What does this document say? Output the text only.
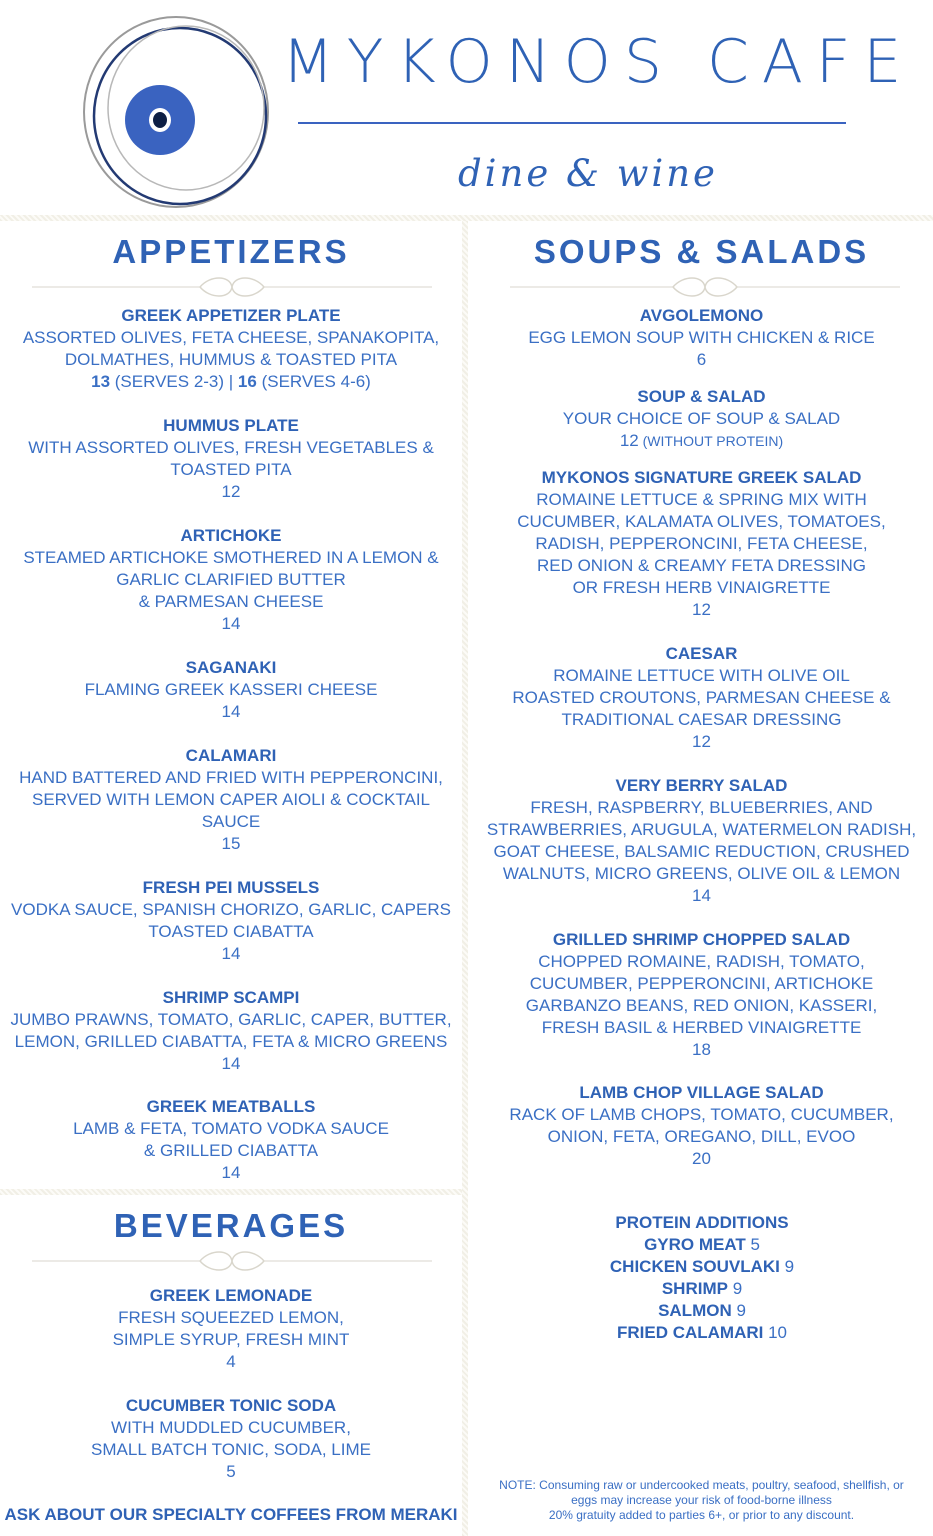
MYKONOS CAFE
dine & wine
APPETIZERS
GREEK APPETIZER PLATE
ASSORTED OLIVES, FETA CHEESE, SPANAKOPITA,
DOLMATHES, HUMMUS & TOASTED PITA
13 (SERVES 2-3) | 16 (SERVES 4-6)
HUMMUS PLATE
WITH ASSORTED OLIVES, FRESH VEGETABLES &
TOASTED PITA
12
ARTICHOKE
STEAMED ARTICHOKE SMOTHERED IN A LEMON &
GARLIC CLARIFIED BUTTER
& PARMESAN CHEESE
14
SAGANAKI
FLAMING GREEK KASSERI CHEESE
14
CALAMARI
HAND BATTERED AND FRIED WITH PEPPERONCINI,
SERVED WITH LEMON CAPER AIOLI & COCKTAIL
SAUCE
15
FRESH PEI MUSSELS
VODKA SAUCE, SPANISH CHORIZO, GARLIC, CAPERS
TOASTED CIABATTA
14
SHRIMP SCAMPI
JUMBO PRAWNS, TOMATO, GARLIC, CAPER, BUTTER,
LEMON, GRILLED CIABATTA, FETA & MICRO GREENS
14
GREEK MEATBALLS
LAMB & FETA, TOMATO VODKA SAUCE
& GRILLED CIABATTA
14
SOUPS & SALADS
AVGOLEMONO
EGG LEMON SOUP WITH CHICKEN & RICE
6
SOUP & SALAD
YOUR CHOICE OF SOUP & SALAD
12 (WITHOUT PROTEIN)
MYKONOS SIGNATURE GREEK SALAD
ROMAINE LETTUCE & SPRING MIX WITH
CUCUMBER, KALAMATA OLIVES, TOMATOES,
RADISH, PEPPERONCINI, FETA CHEESE,
RED ONION & CREAMY FETA DRESSING
OR FRESH HERB VINAIGRETTE
12
CAESAR
ROMAINE LETTUCE WITH OLIVE OIL
ROASTED CROUTONS, PARMESAN CHEESE &
TRADITIONAL CAESAR DRESSING
12
VERY BERRY SALAD
FRESH, RASPBERRY, BLUEBERRIES, AND
STRAWBERRIES, ARUGULA, WATERMELON RADISH,
GOAT CHEESE, BALSAMIC REDUCTION, CRUSHED
WALNUTS, MICRO GREENS, OLIVE OIL & LEMON
14
GRILLED SHRIMP CHOPPED SALAD
CHOPPED ROMAINE, RADISH, TOMATO,
CUCUMBER, PEPPERONCINI, ARTICHOKE
GARBANZO BEANS, RED ONION, KASSERI,
FRESH BASIL & HERBED VINAIGRETTE
18
LAMB CHOP VILLAGE SALAD
RACK OF LAMB CHOPS, TOMATO, CUCUMBER,
ONION, FETA, OREGANO, DILL, EVOO
20
BEVERAGES
GREEK LEMONADE
FRESH SQUEEZED LEMON,
SIMPLE SYRUP, FRESH MINT
4
CUCUMBER TONIC SODA
WITH MUDDLED CUCUMBER,
SMALL BATCH TONIC, SODA, LIME
5
ASK ABOUT OUR SPECIALTY COFFEES FROM MERAKI
PROTEIN ADDITIONS
GYRO MEAT 5
CHICKEN SOUVLAKI 9
SHRIMP 9
SALMON 9
FRIED CALAMARI 10
NOTE: Consuming raw or undercooked meats, poultry, seafood, shellfish, or
eggs may increase your risk of food-borne illness
20% gratuity added to parties 6+, or prior to any discount.
